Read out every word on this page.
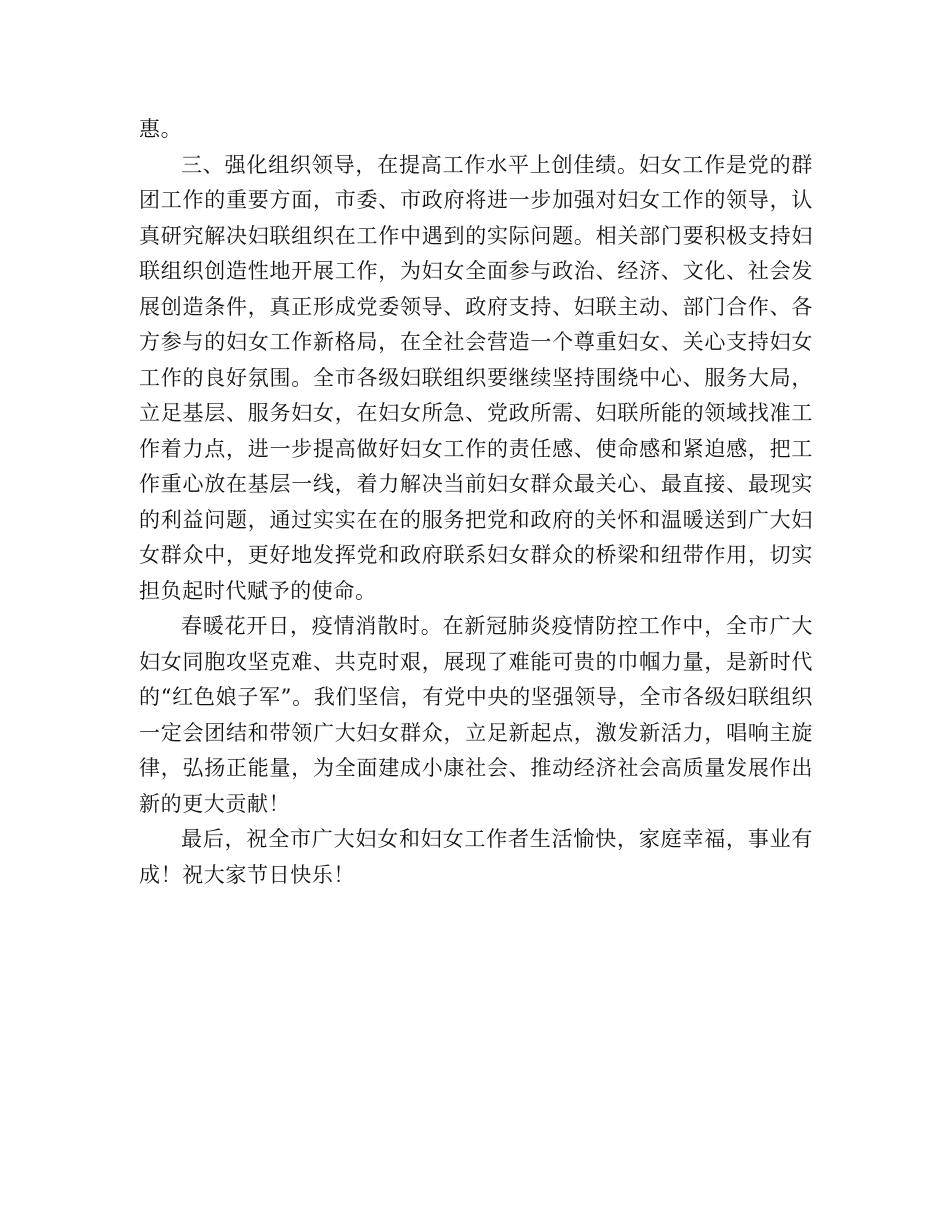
惠。

三、强化组织领导，在提高工作水平上创佳绩。妇女工作是党的群团工作的重要方面，市委、市政府将进一步加强对妇女工作的领导，认真研究解决妇联组织在工作中遇到的实际问题。相关部门要积极支持妇联组织创造性地开展工作，为妇女全面参与政治、经济、文化、社会发展创造条件，真正形成党委领导、政府支持、妇联主动、部门合作、各方参与的妇女工作新格局，在全社会营造一个尊重妇女、关心支持妇女工作的良好氛围。全市各级妇联组织要继续坚持围绕中心、服务大局，立足基层、服务妇女，在妇女所急、党政所需、妇联所能的领域找准工作着力点，进一步提高做好妇女工作的责任感、使命感和紧迫感，把工作重心放在基层一线，着力解决当前妇女群众最关心、最直接、最现实的利益问题，通过实实在在的服务把党和政府的关怀和温暖送到广大妇女群众中，更好地发挥党和政府联系妇女群众的桥梁和纽带作用，切实担负起时代赋予的使命。

春暖花开日，疫情消散时。在新冠肺炎疫情防控工作中，全市广大妇女同胞攻坚克难、共克时艰，展现了难能可贵的巾帼力量，是新时代的“红色娘子军”。我们坚信，有党中央的坚强领导，全市各级妇联组织一定会团结和带领广大妇女群众，立足新起点，激发新活力，唱响主旋律，弘扬正能量，为全面建成小康社会、推动经济社会高质量发展作出新的更大贡献！

最后，祝全市广大妇女和妇女工作者生活愉快，家庭幸福，事业有成！祝大家节日快乐！
